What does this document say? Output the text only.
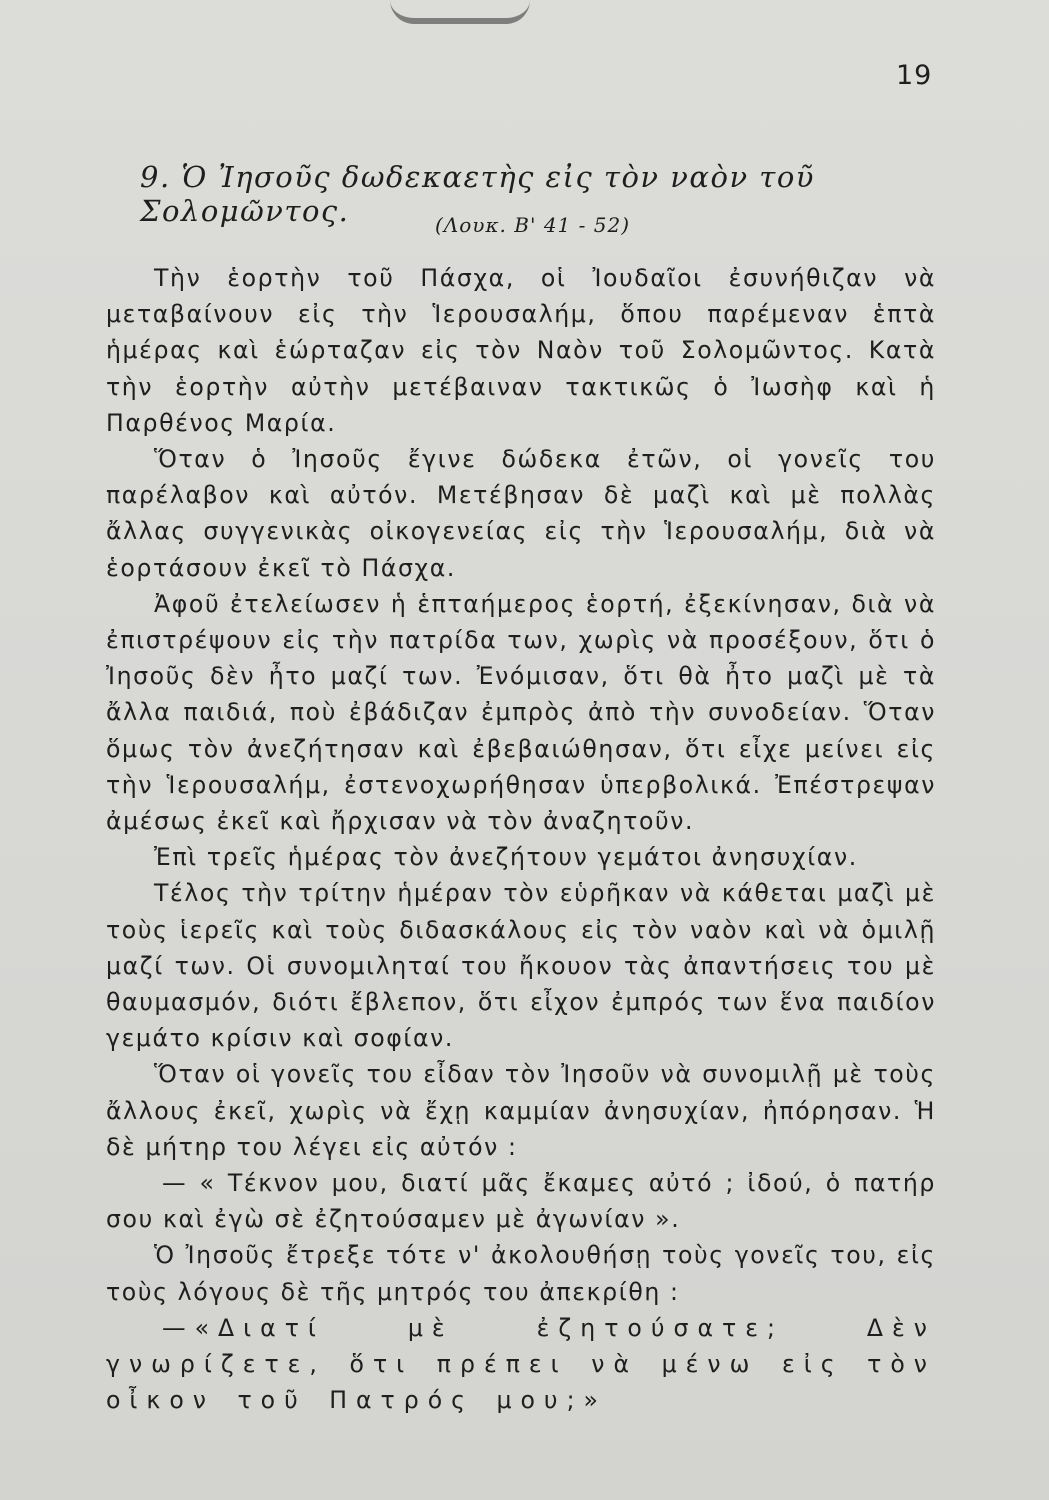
19
9. Ὁ Ἰησοῦς δωδεκαετὴς εἰς τὸν ναὸν τοῦ Σολομῶντος.	(Λουκ. Β' 41 - 52)

Τὴν ἑορτὴν τοῦ Πάσχα, οἱ Ἰουδαῖοι ἐσυνήθιζαν νὰ μεταβαίνουν εἰς τὴν Ἱερουσαλήμ, ὅπου παρέμεναν ἑπτὰ ἡμέρας καὶ ἑώρταζαν εἰς τὸν Ναὸν τοῦ Σολομῶντος. Κατὰ τὴν ἑορτὴν αὐτὴν μετέβαιναν τακτικῶς ὁ Ἰωσὴφ καὶ ἡ Παρθένος Μαρία.

Ὅταν ὁ Ἰησοῦς ἔγινε δώδεκα ἐτῶν, οἱ γονεῖς του παρέλαβον καὶ αὐτόν. Μετέβησαν δὲ μαζὶ καὶ μὲ πολλὰς ἄλλας συγγενικὰς οἰκογενείας εἰς τὴν Ἱερουσαλήμ, διὰ νὰ ἑορτάσουν ἐκεῖ τὸ Πάσχα.

Ἀφοῦ ἐτελείωσεν ἡ ἑπταήμερος ἑορτή, ἐξεκίνησαν, διὰ νὰ ἐπιστρέψουν εἰς τὴν πατρίδα των, χωρὶς νὰ προσέξουν, ὅτι ὁ Ἰησοῦς δὲν ἦτο μαζί των. Ἐνόμισαν, ὅτι θὰ ἦτο μαζὶ μὲ τὰ ἄλλα παιδιά, ποὺ ἐβάδιζαν ἐμπρὸς ἀπὸ τὴν συνοδείαν. Ὅταν ὅμως τὸν ἀνεζήτησαν καὶ ἐβεβαιώθησαν, ὅτι εἶχε μείνει εἰς τὴν Ἱερουσαλήμ, ἐστενοχωρήθησαν ὑπερβολικά. Ἐπέστρεψαν ἀμέσως ἐκεῖ καὶ ἤρχισαν νὰ τὸν ἀναζητοῦν.

Ἐπὶ τρεῖς ἡμέρας τὸν ἀνεζήτουν γεμάτοι ἀνησυχίαν.

Τέλος τὴν τρίτην ἡμέραν τὸν εὑρῆκαν νὰ κάθεται μαζὶ μὲ τοὺς ἱερεῖς καὶ τοὺς διδασκάλους εἰς τὸν ναὸν καὶ νὰ ὁμιλῇ μαζί των. Οἱ συνομιληταί του ἤκουον τὰς ἀπαντήσεις του μὲ θαυμασμόν, διότι ἔβλεπον, ὅτι εἶχον ἐμπρός των ἕνα παιδίον γεμάτο κρίσιν καὶ σοφίαν.

Ὅταν οἱ γονεῖς του εἶδαν τὸν Ἰησοῦν νὰ συνομιλῇ μὲ τοὺς ἄλλους ἐκεῖ, χωρὶς νὰ ἔχῃ καμμίαν ἀνησυχίαν, ἠπόρησαν. Ἡ δὲ μήτηρ του λέγει εἰς αὐτόν :

— « Τέκνον μου, διατί μᾶς ἔκαμες αὐτό ; ἰδού, ὁ πατήρ σου καὶ ἐγὼ σὲ ἐζητούσαμεν μὲ ἀγωνίαν ».

Ὁ Ἰησοῦς ἔτρεξε τότε ν' ἀκολουθήσῃ τοὺς γονεῖς του, εἰς τοὺς λόγους δὲ τῆς μητρός του ἀπεκρίθη :

—«Διατί μὲ ἐζητούσατε; Δὲν γνωρίζετε, ὅτι πρέπει νὰ μένω εἰς τὸν οἶκον τοῦ Πατρός μου;»
